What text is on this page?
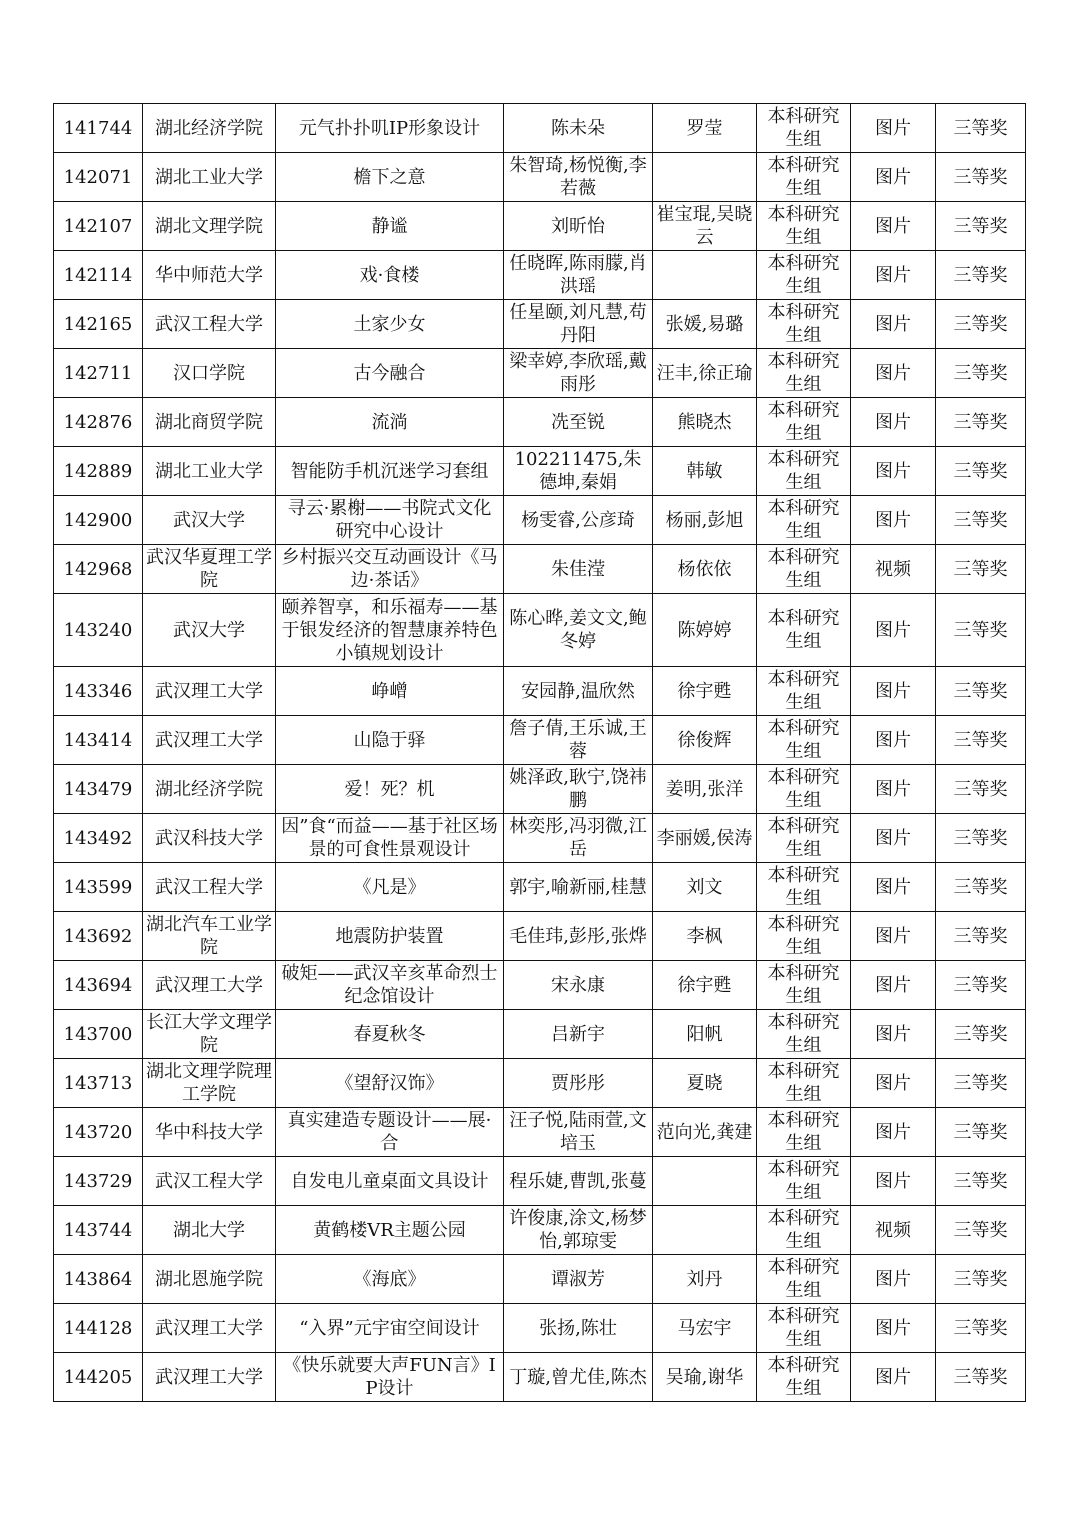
141744	湖北经济学院	元气扑扑叽IP形象设计	陈未朵	罗莹	本科研究生组	图片	三等奖
142071	湖北工业大学	檐下之意	朱智琦,杨悦衡,李若薇		本科研究生组	图片	三等奖
142107	湖北文理学院	静谧	刘昕怡	崔宝琨,吴晓云	本科研究生组	图片	三等奖
142114	华中师范大学	戏·食楼	任晓晖,陈雨朦,肖洪瑶		本科研究生组	图片	三等奖
142165	武汉工程大学	土家少女	任星颐,刘凡慧,苟丹阳	张媛,易璐	本科研究生组	图片	三等奖
142711	汉口学院	古今融合	梁幸婷,李欣瑶,戴雨彤	汪丰,徐正瑜	本科研究生组	图片	三等奖
142876	湖北商贸学院	流淌	冼至锐	熊晓杰	本科研究生组	图片	三等奖
142889	湖北工业大学	智能防手机沉迷学习套组	102211475,朱德坤,秦娟	韩敏	本科研究生组	图片	三等奖
142900	武汉大学	寻云·累榭——书院式文化研究中心设计	杨雯睿,公彦琦	杨丽,彭旭	本科研究生组	图片	三等奖
142968	武汉华夏理工学院	乡村振兴交互动画设计《马边·茶话》	朱佳滢	杨依依	本科研究生组	视频	三等奖
143240	武汉大学	颐养智享，和乐福寿——基于银发经济的智慧康养特色小镇规划设计	陈心晔,姜文文,鲍冬婷	陈婷婷	本科研究生组	图片	三等奖
143346	武汉理工大学	峥嶒	安园静,温欣然	徐宇甦	本科研究生组	图片	三等奖
143414	武汉理工大学	山隐于驿	詹子倩,王乐诚,王蓉	徐俊辉	本科研究生组	图片	三等奖
143479	湖北经济学院	爱！死？机	姚泽政,耿宁,饶祎鹏	姜明,张洋	本科研究生组	图片	三等奖
143492	武汉科技大学	因”食“而益——基于社区场景的可食性景观设计	林奕彤,冯羽微,江岳	李丽媛,侯涛	本科研究生组	图片	三等奖
143599	武汉工程大学	《凡是》	郭宇,喻新丽,桂慧	刘文	本科研究生组	图片	三等奖
143692	湖北汽车工业学院	地震防护装置	毛佳玮,彭彤,张烨	李枫	本科研究生组	图片	三等奖
143694	武汉理工大学	破矩——武汉辛亥革命烈士纪念馆设计	宋永康	徐宇甦	本科研究生组	图片	三等奖
143700	长江大学文理学院	春夏秋冬	吕新宇	阳帆	本科研究生组	图片	三等奖
143713	湖北文理学院理工学院	《望舒汉饰》	贾彤彤	夏晓	本科研究生组	图片	三等奖
143720	华中科技大学	真实建造专题设计——展·合	汪子悦,陆雨萱,文培玉	范向光,龚建	本科研究生组	图片	三等奖
143729	武汉工程大学	自发电儿童桌面文具设计	程乐婕,曹凯,张蔓		本科研究生组	图片	三等奖
143744	湖北大学	黄鹤楼VR主题公园	许俊康,涂文,杨梦怡,郭琼雯		本科研究生组	视频	三等奖
143864	湖北恩施学院	《海底》	谭淑芳	刘丹	本科研究生组	图片	三等奖
144128	武汉理工大学	“入界”元宇宙空间设计	张扬,陈壮	马宏宇	本科研究生组	图片	三等奖
144205	武汉理工大学	《快乐就要大声FUN言》IP设计	丁璇,曾尤佳,陈杰	吴瑜,谢华	本科研究生组	图片	三等奖
